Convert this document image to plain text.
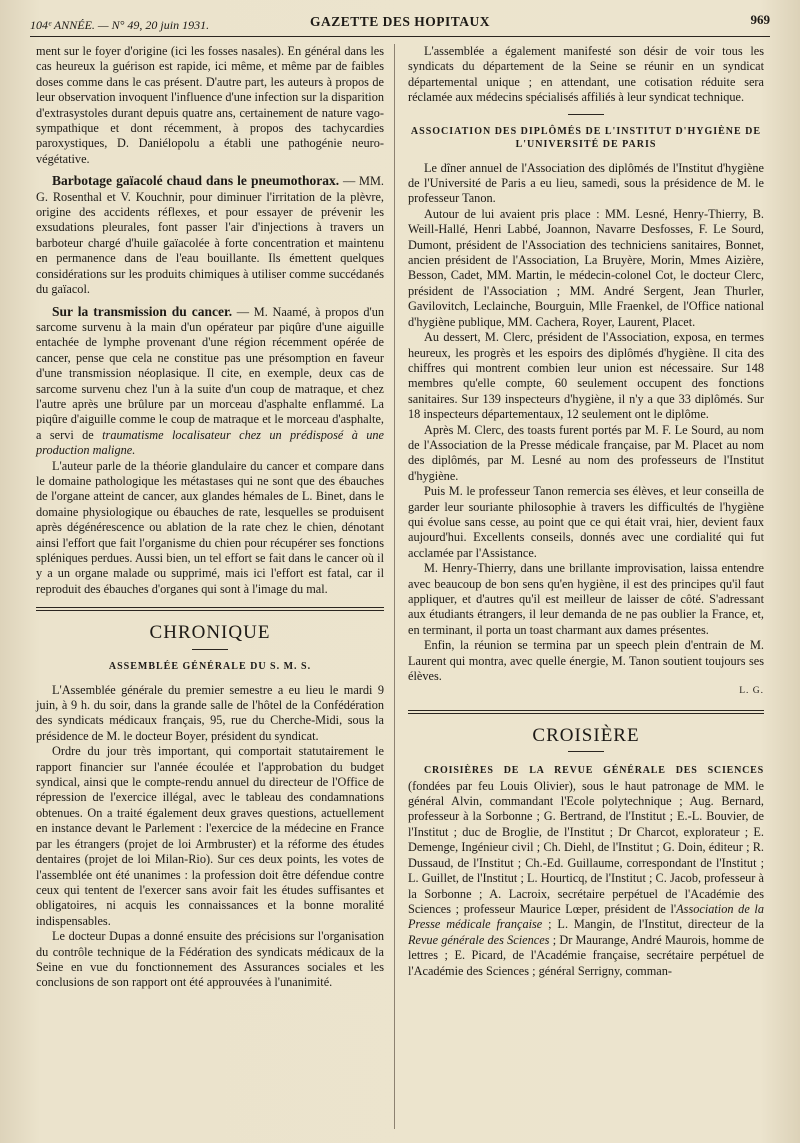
104ᵉ ANNÉE. — N° 49, 20 juin 1931.	GAZETTE DES HOPITAUX	969

ment sur le foyer d'origine (ici les fosses nasales). En général dans les cas heureux la guérison est rapide, ici même, et même par de faibles doses comme dans le cas présent. D'autre part, les auteurs à propos de leur observation invoquent l'influence d'une infection sur la disparition d'extrasystoles durant depuis quatre ans, certainement de nature vago-sympathique et dont récemment, à propos des tachycardies paroxystiques, D. Daniélopolu a établi une pathogénie neuro-végétative.

Barbotage gaïacolé chaud dans le pneumothorax. — MM. G. Rosenthal et V. Kouchnir, pour diminuer l'irritation de la plèvre, origine des accidents réflexes, et pour essayer de prévenir les exsudations pleurales, font passer l'air d'injections à travers un barboteur chargé d'huile gaïacolée à forte concentration et maintenu en permanence dans de l'eau bouillante. Ils émettent quelques considérations sur les produits chimiques à utiliser comme succédanés du gaïacol.

Sur la transmission du cancer. — M. Naamé, à propos d'un sarcome survenu à la main d'un opérateur par piqûre d'une aiguille entachée de lymphe provenant d'une région récemment opérée de cancer, pense que cela ne constitue pas une présomption en faveur d'une transmission néoplasique. Il cite, en exemple, deux cas de sarcome survenu chez l'un à la suite d'un coup de matraque, et chez l'autre après une brûlure par un morceau d'asphalte enflammé. La piqûre d'aiguille comme le coup de matraque et le morceau d'asphalte, a servi de traumatisme localisateur chez un prédisposé à une production maligne.

L'auteur parle de la théorie glandulaire du cancer et compare dans le domaine pathologique les métastases qui ne sont que des ébauches de l'organe atteint de cancer, aux glandes hémales de L. Binet, dans le domaine physiologique ou ébauches de rate, lesquelles se produisent après dégénérescence ou ablation de la rate chez le chien, dénotant ainsi l'effort que fait l'organisme du chien pour récupérer ses fonctions spléniques perdues. Aussi bien, un tel effort se fait dans le cancer où il y a un organe malade ou supprimé, mais ici l'effort est fatal, car il reproduit des ébauches d'organes qui sont à l'image du mal.

CHRONIQUE
ASSEMBLÉE GÉNÉRALE DU S. M. S.

L'Assemblée générale du premier semestre a eu lieu le mardi 9 juin, à 9 h. du soir, dans la grande salle de l'hôtel de la Confédération des syndicats médicaux français, 95, rue du Cherche-Midi, sous la présidence de M. le docteur Boyer, président du syndicat.

Ordre du jour très important, qui comportait statutairement le rapport financier sur l'année écoulée et l'approbation du budget syndical, ainsi que le compte-rendu annuel du directeur de l'Office de répression de l'exercice illégal, avec le tableau des condamnations obtenues. On a traité également deux graves questions, actuellement en instance devant le Parlement : l'exercice de la médecine en France par les étrangers (projet de loi Armbruster) et la réforme des études dentaires (projet de loi Milan-Rio). Sur ces deux points, les votes de l'assemblée ont été unanimes : la profession doit être défendue contre ceux qui tentent de l'exercer sans avoir fait les études suffisantes et obligatoires, ni acquis les connaissances et la bonne moralité indispensables.

Le docteur Dupas a donné ensuite des précisions sur l'organisation du contrôle technique de la Fédération des syndicats médicaux de la Seine en vue du fonctionnement des Assurances sociales et les conclusions de son rapport ont été approuvées à l'unanimité.

L'assemblée a également manifesté son désir de voir tous les syndicats du département de la Seine se réunir en un syndicat départemental unique ; en attendant, une cotisation réduite sera réclamée aux médecins spécialisés affiliés à leur syndicat technique.

ASSOCIATION DES DIPLÔMÉS DE L'INSTITUT D'HYGIÈNE DE L'UNIVERSITÉ DE PARIS

Le dîner annuel de l'Association des diplômés de l'Institut d'hygiène de l'Université de Paris a eu lieu, samedi, sous la présidence de M. le professeur Tanon.

Autour de lui avaient pris place : MM. Lesné, Henry-Thierry, B. Weill-Hallé, Henri Labbé, Joannon, Navarre Desfosses, F. Le Sourd, Dumont, président de l'Association des techniciens sanitaires, Bonnet, ancien président de l'Association, La Bruyère, Morin, Mmes Aizière, Besson, Cadet, MM. Martin, le médecin-colonel Cot, le docteur Clerc, président de l'Association ; MM. André Sergent, Jean Thurler, Gavilovitch, Leclainche, Bourguin, Mlle Fraenkel, de l'Office national d'hygiène publique, MM. Cachera, Royer, Laurent, Placet.

Au dessert, M. Clerc, président de l'Association, exposa, en termes heureux, les progrès et les espoirs des diplômés d'hygiène. Il cita des chiffres qui montrent combien leur union est nécessaire. Sur 148 membres qu'elle compte, 60 seulement occupent des fonctions sanitaires. Sur 139 inspecteurs d'hygiène, il n'y a que 33 diplômés. Sur 18 inspecteurs départementaux, 12 seulement ont le diplôme.

Après M. Clerc, des toasts furent portés par M. F. Le Sourd, au nom de l'Association de la Presse médicale française, par M. Placet au nom des diplômés, par M. Lesné au nom des professeurs de l'Institut d'hygiène.

Puis M. le professeur Tanon remercia ses élèves, et leur conseilla de garder leur souriante philosophie à travers les difficultés de l'hygiène qui évolue sans cesse, au point que ce qui était vrai, hier, devient faux aujourd'hui. Excellents conseils, donnés avec une cordialité qui fut acclamée par l'Assistance.

M. Henry-Thierry, dans une brillante improvisation, laissa entendre avec beaucoup de bon sens qu'en hygiène, il est des principes qu'il faut appliquer, et d'autres qu'il est meilleur de laisser de côté. S'adressant aux étudiants étrangers, il leur demanda de ne pas oublier la France, et, en terminant, il porta un toast charmant aux dames présentes.

Enfin, la réunion se termina par un speech plein d'entrain de M. Laurent qui montra, avec quelle énergie, M. Tanon soutient toujours ses élèves.

L. G.
CROISIÈRE

CROISIÈRES DE LA REVUE GÉNÉRALE DES SCIENCES (fondées par feu Louis Olivier), sous le haut patronage de MM. le général Alvin, commandant l'Ecole polytechnique ; Aug. Bernard, professeur à la Sorbonne ; G. Bertrand, de l'Institut ; E.-L. Bouvier, de l'Institut ; duc de Broglie, de l'Institut ; Dr Charcot, explorateur ; E. Demenge, Ingénieur civil ; Ch. Diehl, de l'Institut ; G. Doin, éditeur ; R. Dussaud, de l'Institut ; Ch.-Ed. Guillaume, correspondant de l'Institut ; L. Guillet, de l'Institut ; L. Hourticq, de l'Institut ; C. Jacob, professeur à la Sorbonne ; A. Lacroix, secrétaire perpétuel de l'Académie des Sciences ; professeur Maurice Lœper, président de l'Association de la Presse médicale française ; L. Mangin, de l'Institut, directeur de la Revue générale des Sciences ; Dr Maurange, André Maurois, homme de lettres ; E. Picard, de l'Académie française, secrétaire perpétuel de l'Académie des Sciences ; général Serrigny, comman-
